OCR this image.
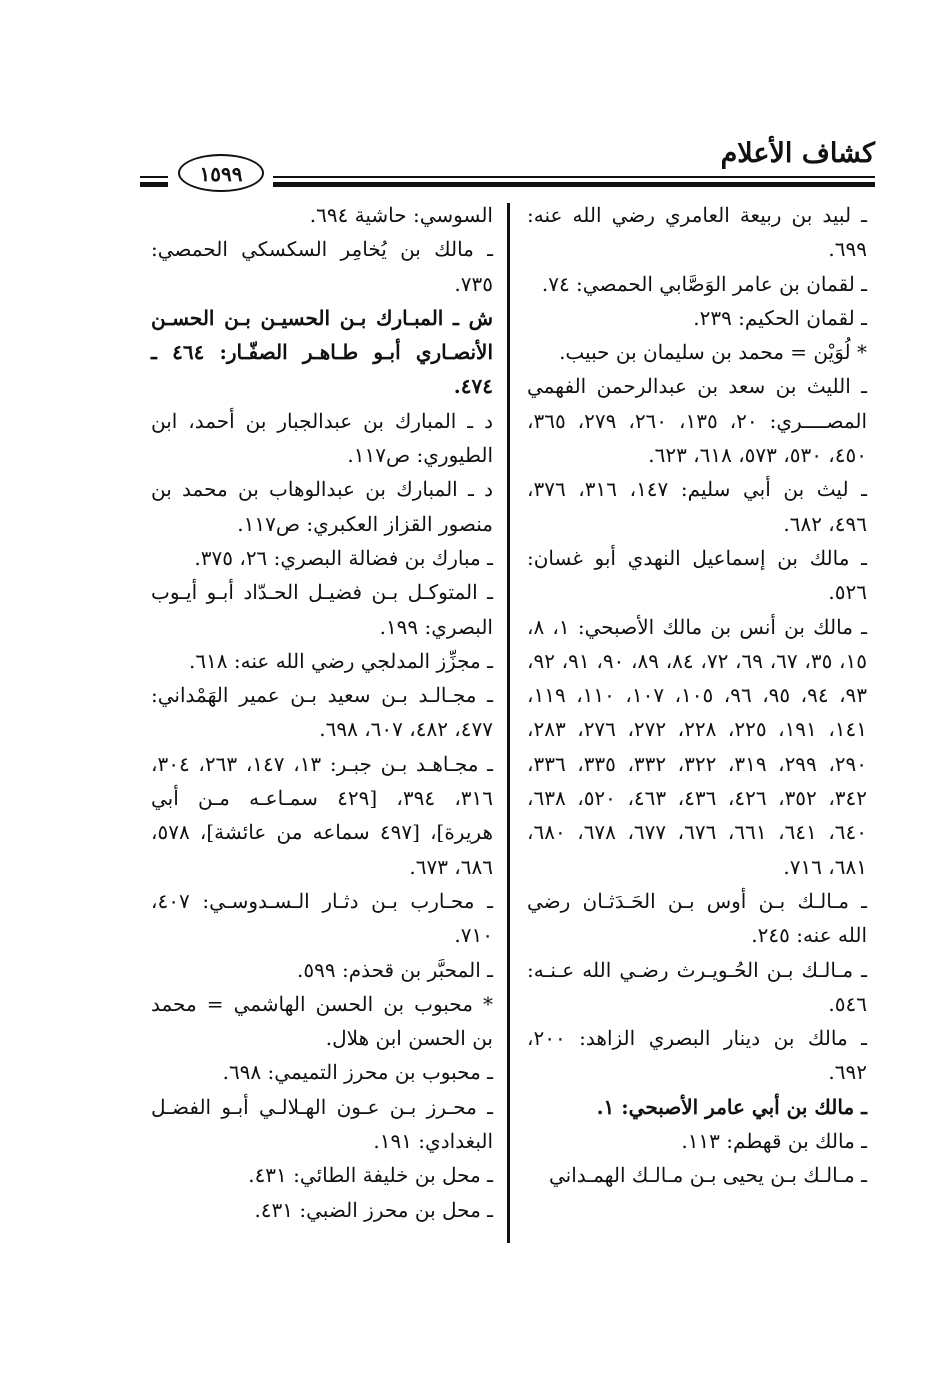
كشاف الأعلام
١٥٩٩

ـ لبيد بن ربيعة العامري رضي الله عنه: ٦٩٩.

ـ لقمان بن عامر الوَصَّابي الحمصي: ٧٤.

ـ لقمان الحكيم: ٢٣٩.

* لُوَيْن = محمد بن سليمان بن حبيب.

ـ الليث بن سعد بن عبدالرحمن الفهمي المصــــري: ٢٠، ١٣٥، ٢٦٠، ٢٧٩، ٣٦٥، ٤٥٠، ٥٣٠، ٥٧٣، ٦١٨، ٦٢٣.

ـ ليث بن أبي سليم: ١٤٧، ٣١٦، ٣٧٦، ٤٩٦، ٦٨٢.

ـ مالك بن إسماعيل النهدي أبو غسان: ٥٢٦.

ـ مالك بن أنس بن مالك الأصبحي: ١، ٨، ١٥، ٣٥، ٦٧، ٦٩، ٧٢، ٨٤، ٨٩، ٩٠، ٩١، ٩٢، ٩٣، ٩٤، ٩٥، ٩٦، ١٠٥، ١٠٧، ١١٠، ١١٩، ١٤١، ١٩١، ٢٢٥، ٢٢٨، ٢٧٢، ٢٧٦، ٢٨٣، ٢٩٠، ٢٩٩، ٣١٩، ٣٢٢، ٣٣٢، ٣٣٥، ٣٣٦، ٣٤٢، ٣٥٢، ٤٢٦، ٤٣٦، ٤٦٣، ٥٢٠، ٦٣٨، ٦٤٠، ٦٤١، ٦٦١، ٦٧٦، ٦٧٧، ٦٧٨، ٦٨٠، ٦٨١، ٧١٦.

ـ مـالـك بـن أوس بـن الحَـدَثـان رضي الله عنه: ٢٤٥.

ـ مـالـك بـن الحُـويـرث رضـي الله عـنـه: ٥٤٦.

ـ مالك بن دينار البصري الزاهد: ٢٠٠، ٦٩٢.

ـ مالك بن أبي عامر الأصبحي: ١.

ـ مالك بن قهطم: ١١٣.

ـ مـالـك بـن يحيى بـن مـالـك الهمـداني

السوسي: حاشية ٦٩٤.

ـ مالك بن يُخامِر السكسكي الحمصي: ٧٣٥.

ش ـ المبـارك بـن الحسيـن بـن الحسـن الأنصـاري أبـو طـاهـر الصفّـار: ٤٦٤ ـ ٤٧٤.

د ـ المبارك بن عبدالجبار بن أحمد، ابن الطيوري: ص١١٧.

د ـ المبارك بن عبدالوهاب بن محمد بن منصور القزاز العكبري: ص١١٧.

ـ مبارك بن فضالة البصري: ٢٦، ٣٧٥.

ـ المتوكـل بـن فضيـل الحـدّاد أبـو أيـوب البصري: ١٩٩.

ـ مجزِّز المدلجي رضي الله عنه: ٦١٨.

ـ مجـالـد بـن سعيد بـن عمير الهَمْداني: ٤٧٧، ٤٨٢، ٦٠٧، ٦٩٨.

ـ مجـاهـد بـن جبـر: ١٣، ١٤٧، ٢٦٣، ٣٠٤، ٣١٦، ٣٩٤، [٤٢٩ سمـاعـه مـن أبي هريرة]، [٤٩٧ سماعه من عائشة]، ٥٧٨، ٦٨٦، ٦٧٣.

ـ محـارب بـن دثـار الـسـدوسـي: ٤٠٧، ٧١٠.

ـ المحبَّر بن قحذم: ٥٩٩.

* محبوب بن الحسن الهاشمي = محمد بن الحسن ابن هلال.

ـ محبوب بن محرز التميمي: ٦٩٨.

ـ محـرز بـن عـون الهـلالـي أبـو الفضـل البغدادي: ١٩١.

ـ محل بن خليفة الطائي: ٤٣١.

ـ محل بن محرز الضبي: ٤٣١.
